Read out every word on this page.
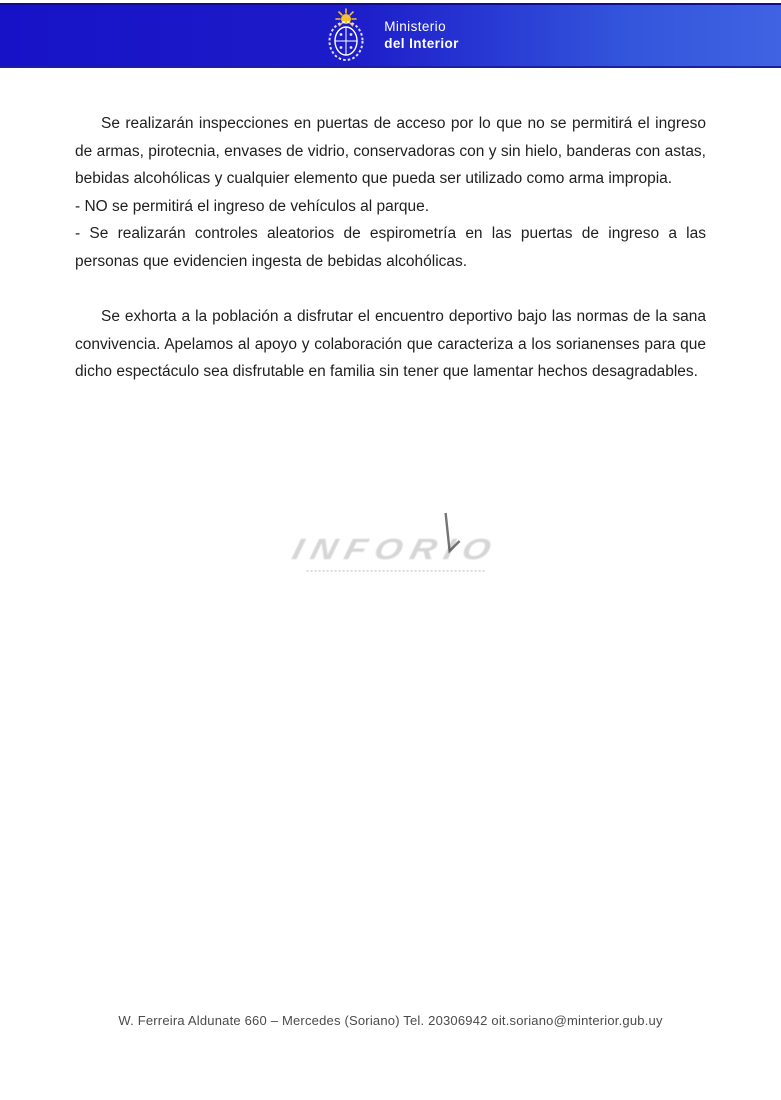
Ministerio
del Interior

Se realizarán inspecciones en puertas de acceso por lo que no se permitirá el ingreso de armas, pirotecnia, envases de vidrio, conservadoras con y sin hielo, banderas con astas, bebidas alcohólicas y cualquier elemento que pueda ser utilizado como arma impropia.

- NO se permitirá el ingreso de vehículos al parque.

- Se realizarán controles aleatorios de espirometría en las puertas de ingreso a las personas que evidencien ingesta de bebidas alcohólicas.

Se exhorta a la población a disfrutar el encuentro deportivo bajo las normas de la sana convivencia. Apelamos al apoyo y colaboración que caracteriza a los sorianenses para que dicho espectáculo sea disfrutable en familia sin tener que lamentar hechos desagradables.

INFORIO
W. Ferreira Aldunate 660 – Mercedes (Soriano) Tel. 20306942 oit.soriano@minterior.gub.uy
